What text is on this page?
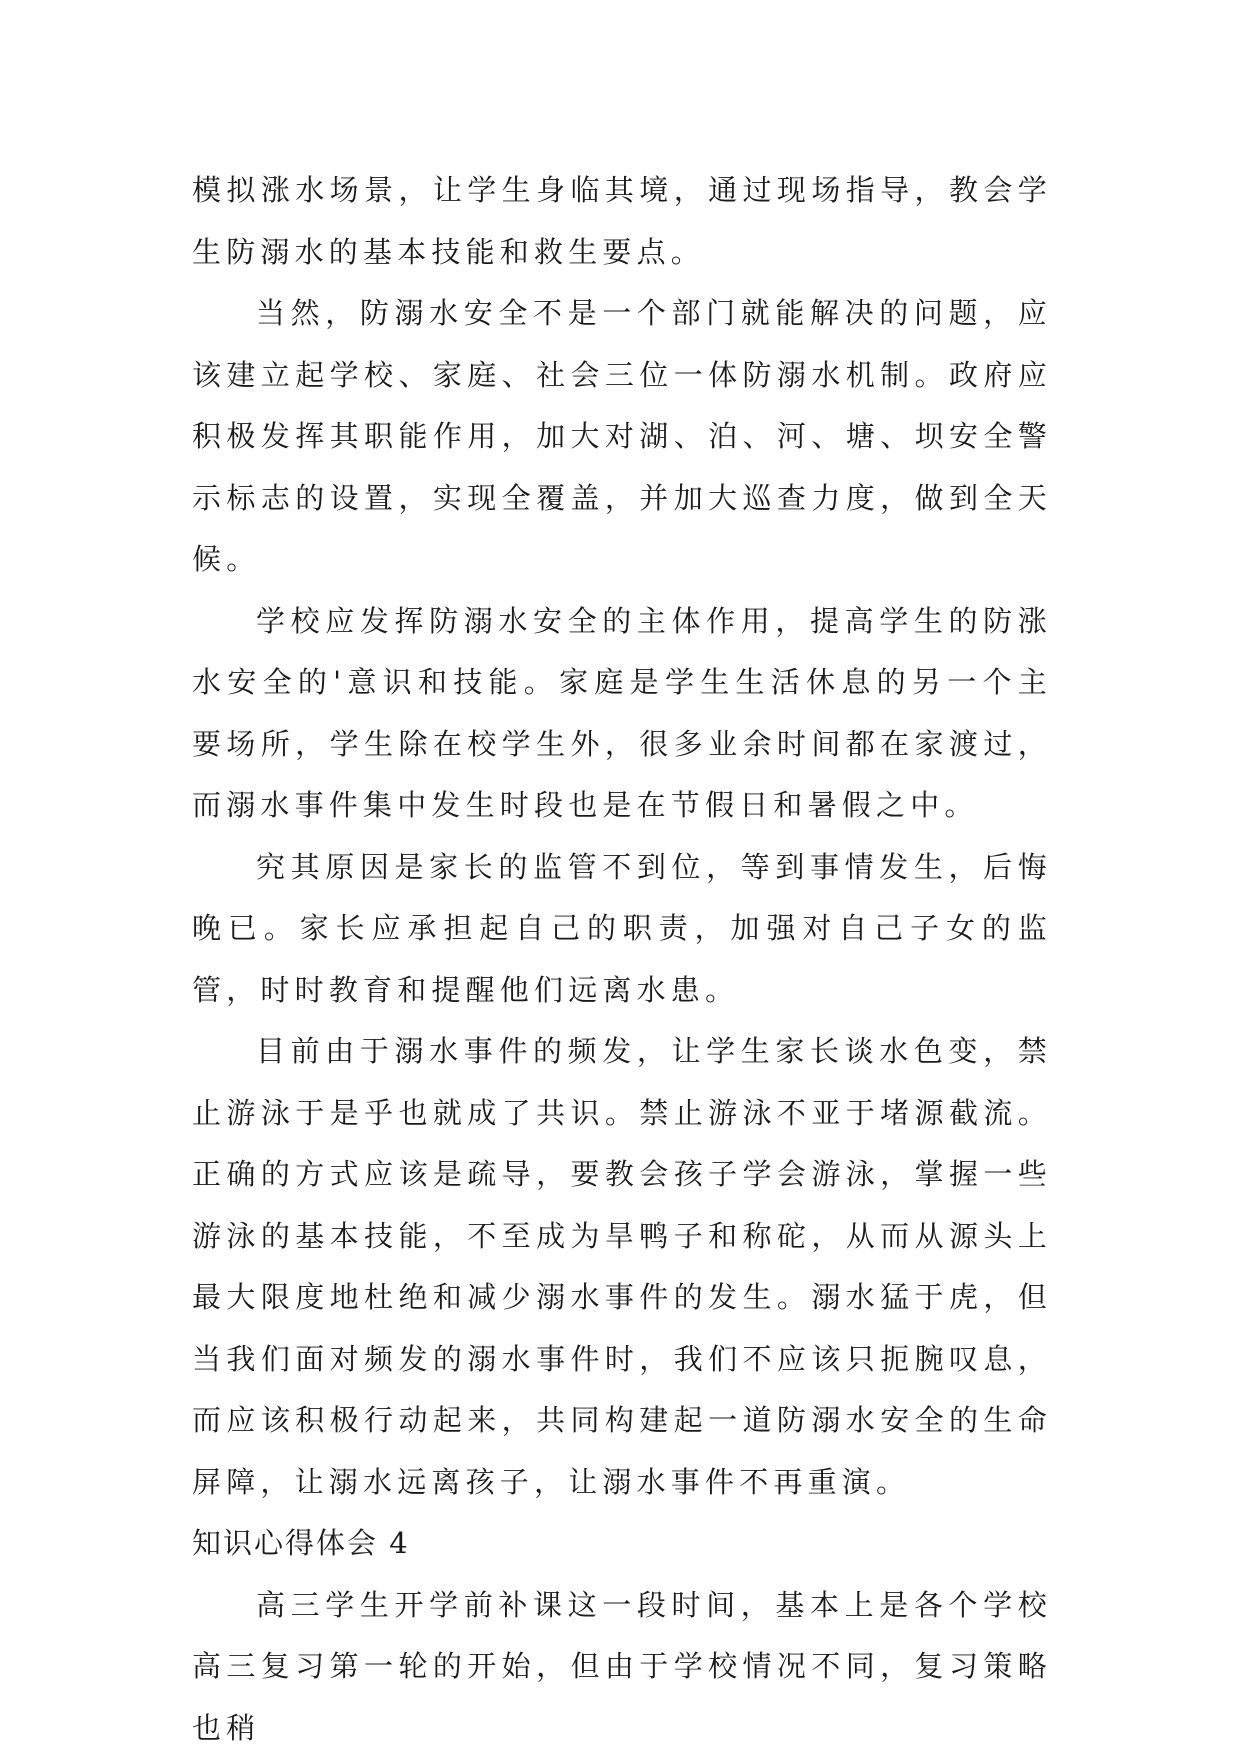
模拟涨水场景，让学生身临其境，通过现场指导，教会学生防溺水的基本技能和救生要点。

当然，防溺水安全不是一个部门就能解决的问题，应该建立起学校、家庭、社会三位一体防溺水机制。政府应积极发挥其职能作用，加大对湖、泊、河、塘、坝安全警示标志的设置，实现全覆盖，并加大巡查力度，做到全天候。

学校应发挥防溺水安全的主体作用，提高学生的防涨水安全的'意识和技能。家庭是学生生活休息的另一个主要场所，学生除在校学生外，很多业余时间都在家渡过，而溺水事件集中发生时段也是在节假日和暑假之中。

究其原因是家长的监管不到位，等到事情发生，后悔晚已。家长应承担起自己的职责，加强对自己子女的监管，时时教育和提醒他们远离水患。

目前由于溺水事件的频发，让学生家长谈水色变，禁止游泳于是乎也就成了共识。禁止游泳不亚于堵源截流。正确的方式应该是疏导，要教会孩子学会游泳，掌握一些游泳的基本技能，不至成为旱鸭子和称砣，从而从源头上最大限度地杜绝和减少溺水事件的发生。溺水猛于虎，但当我们面对频发的溺水事件时，我们不应该只扼腕叹息，而应该积极行动起来，共同构建起一道防溺水安全的生命屏障，让溺水远离孩子，让溺水事件不再重演。

知识心得体会 4

高三学生开学前补课这一段时间，基本上是各个学校高三复习第一轮的开始，但由于学校情况不同，复习策略也稍
